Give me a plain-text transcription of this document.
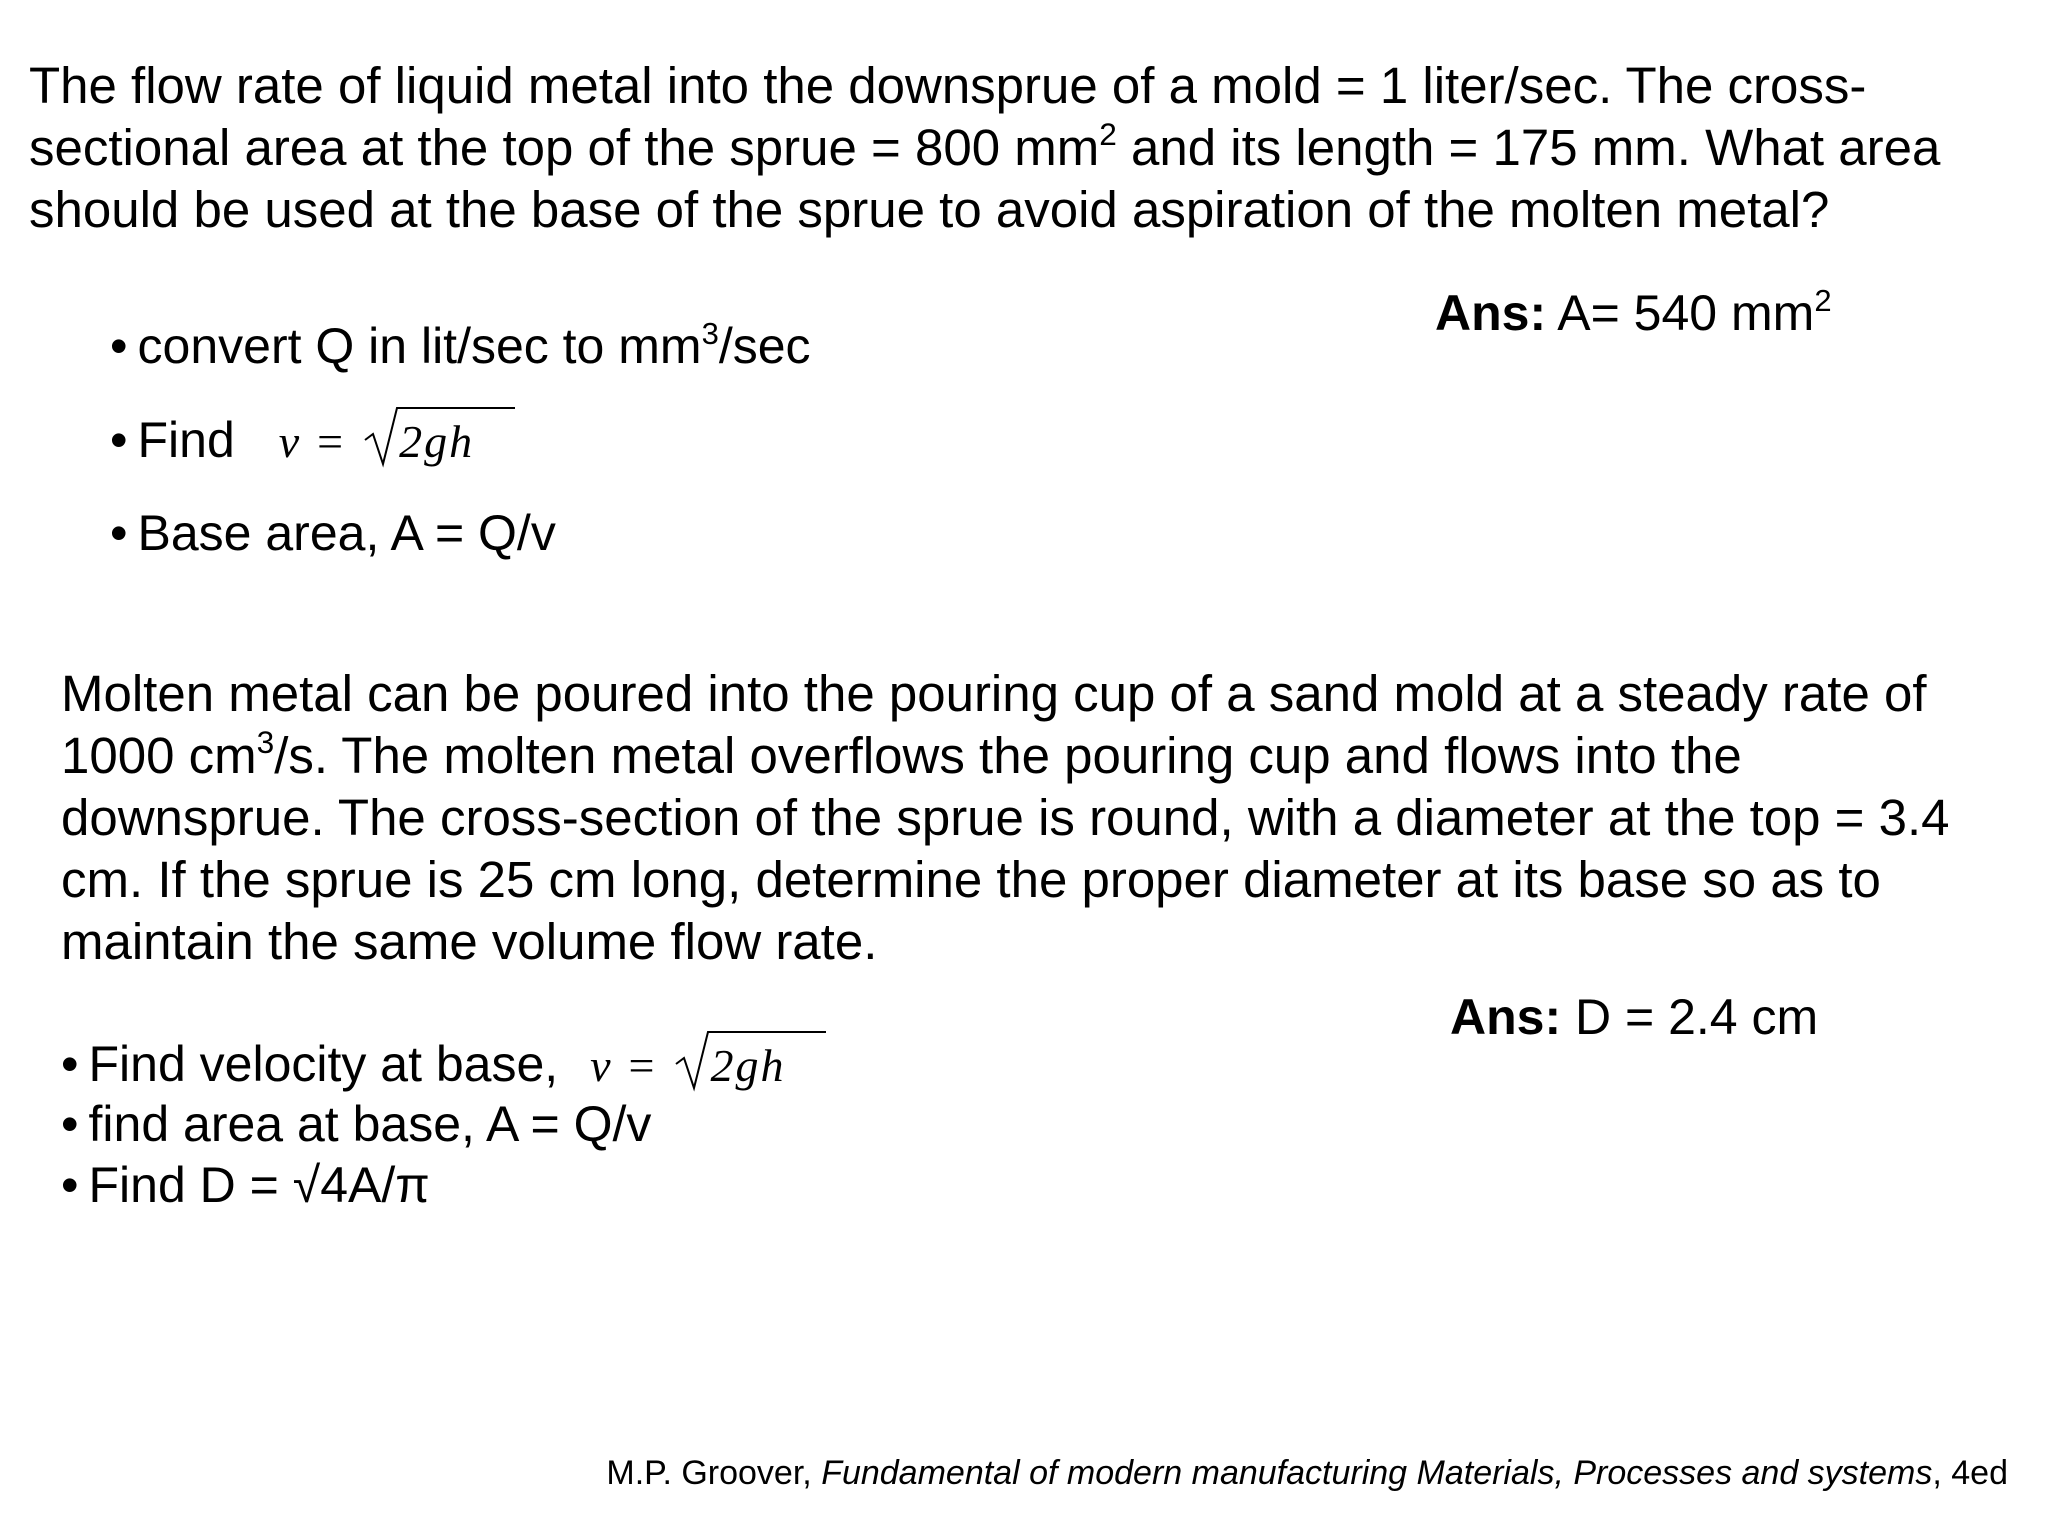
The flow rate of liquid metal into the downsprue of a mold = 1 liter/sec. The cross-
sectional area at the top of the sprue = 800 $mm^2$ and its length = 175 mm. What area
should be used at the base of the sprue to avoid aspiration of the molten metal?
Ans: A= 540 $mm^2$
• convert Q in lit/sec to $mm^3/\sec$
• Find v = 2gh
• Base area, A = Q/v
Molten metal can be poured into the pouring cup of a sand mold at a steady rate of
1000 $cm^3/s$. The molten metal overflows the pouring cup and flows into the
downsprue. The cross-section of the sprue is round, with a diameter at the top = 3.4
cm. If the sprue is 25 cm long, determine the proper diameter at its base so as to
maintain the same volume flow rate.
Ans: D = 2.4 cm
• Find velocity at base, v = 2gh
• find area at base, A = Q/v
• Find D = √4A/π
M.P. Groover, Fundamental of modern manufacturing Materials, Processes and systems, 4ed
